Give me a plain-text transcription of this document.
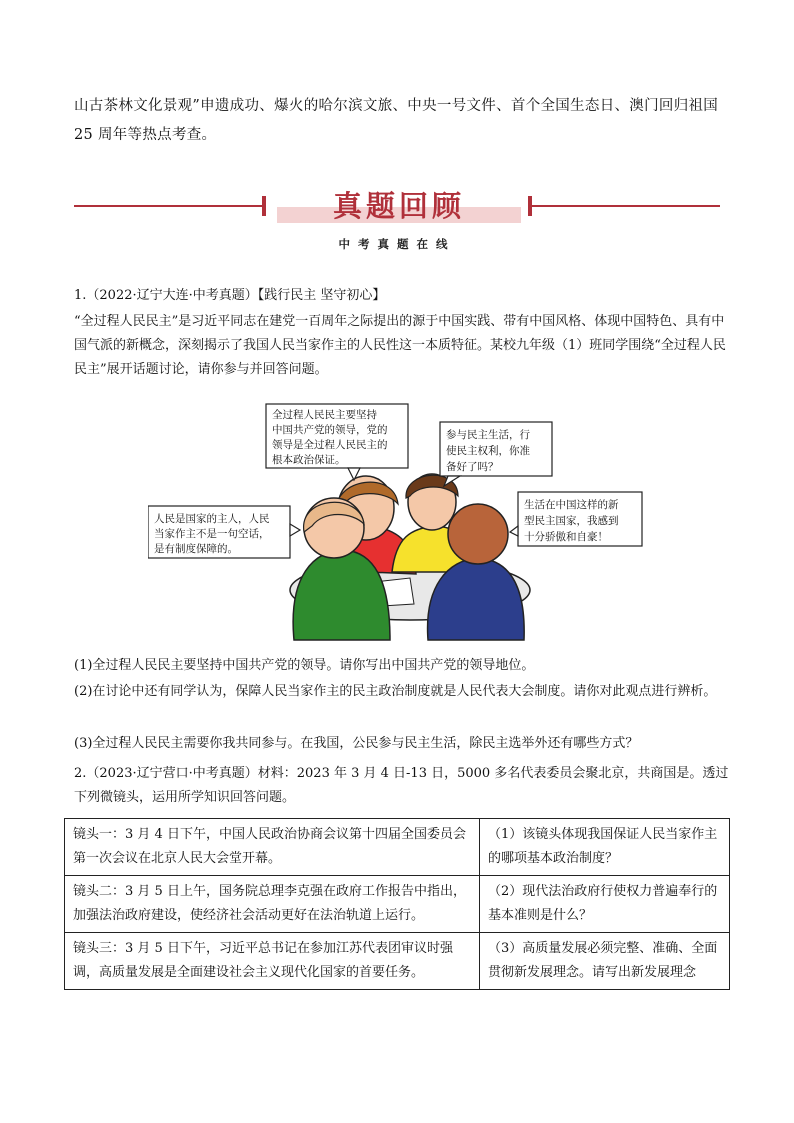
山古茶林文化景观”申遗成功、爆火的哈尔滨文旅、中央一号文件、首个全国生态日、澳门回归祖国 25 周年等热点考查。
真题回顾
中考真题在线
1.（2022·辽宁大连·中考真题）【践行民主 坚守初心】
“全过程人民民主”是习近平同志在建党一百周年之际提出的源于中国实践、带有中国风格、体现中国特色、具有中国气派的新概念，深刻揭示了我国人民当家作主的人民性这一本质特征。某校九年级（1）班同学围绕“全过程人民民主”展开话题讨论，请你参与并回答问题。
全过程人民民主要坚持 中国共产党的领导，党的 领导是全过程人民民主的 根本政治保证。
参与民主生活，行 使民主权利，你准 备好了吗？
人民是国家的主人，人民 当家作主不是一句空话， 是有制度保障的。
生活在中国这样的新 型民主国家，我感到 十分骄傲和自豪！
(1)全过程人民民主要坚持中国共产党的领导。请你写出中国共产党的领导地位。
(2)在讨论中还有同学认为，保障人民当家作主的民主政治制度就是人民代表大会制度。请你对此观点进行辨析。
(3)全过程人民民主需要你我共同参与。在我国，公民参与民主生活，除民主选举外还有哪些方式？
2.（2023·辽宁营口·中考真题）材料：2023 年 3 月 4 日-13 日，5000 多名代表委员会聚北京，共商国是。透过下列微镜头，运用所学知识回答问题。
镜头一：3 月 4 日下午，中国人民政治协商会议第十四届全国委员会第一次会议在北京人民大会堂开幕。	（1）该镜头体现我国保证人民当家作主的哪项基本政治制度？
镜头二：3 月 5 日上午，国务院总理李克强在政府工作报告中指出，加强法治政府建设，使经济社会活动更好在法治轨道上运行。	（2）现代法治政府行使权力普遍奉行的基本准则是什么？
镜头三：3 月 5 日下午，习近平总书记在参加江苏代表团审议时强调，高质量发展是全面建设社会主义现代化国家的首要任务。	（3）高质量发展必须完整、准确、全面贯彻新发展理念。请写出新发展理念
